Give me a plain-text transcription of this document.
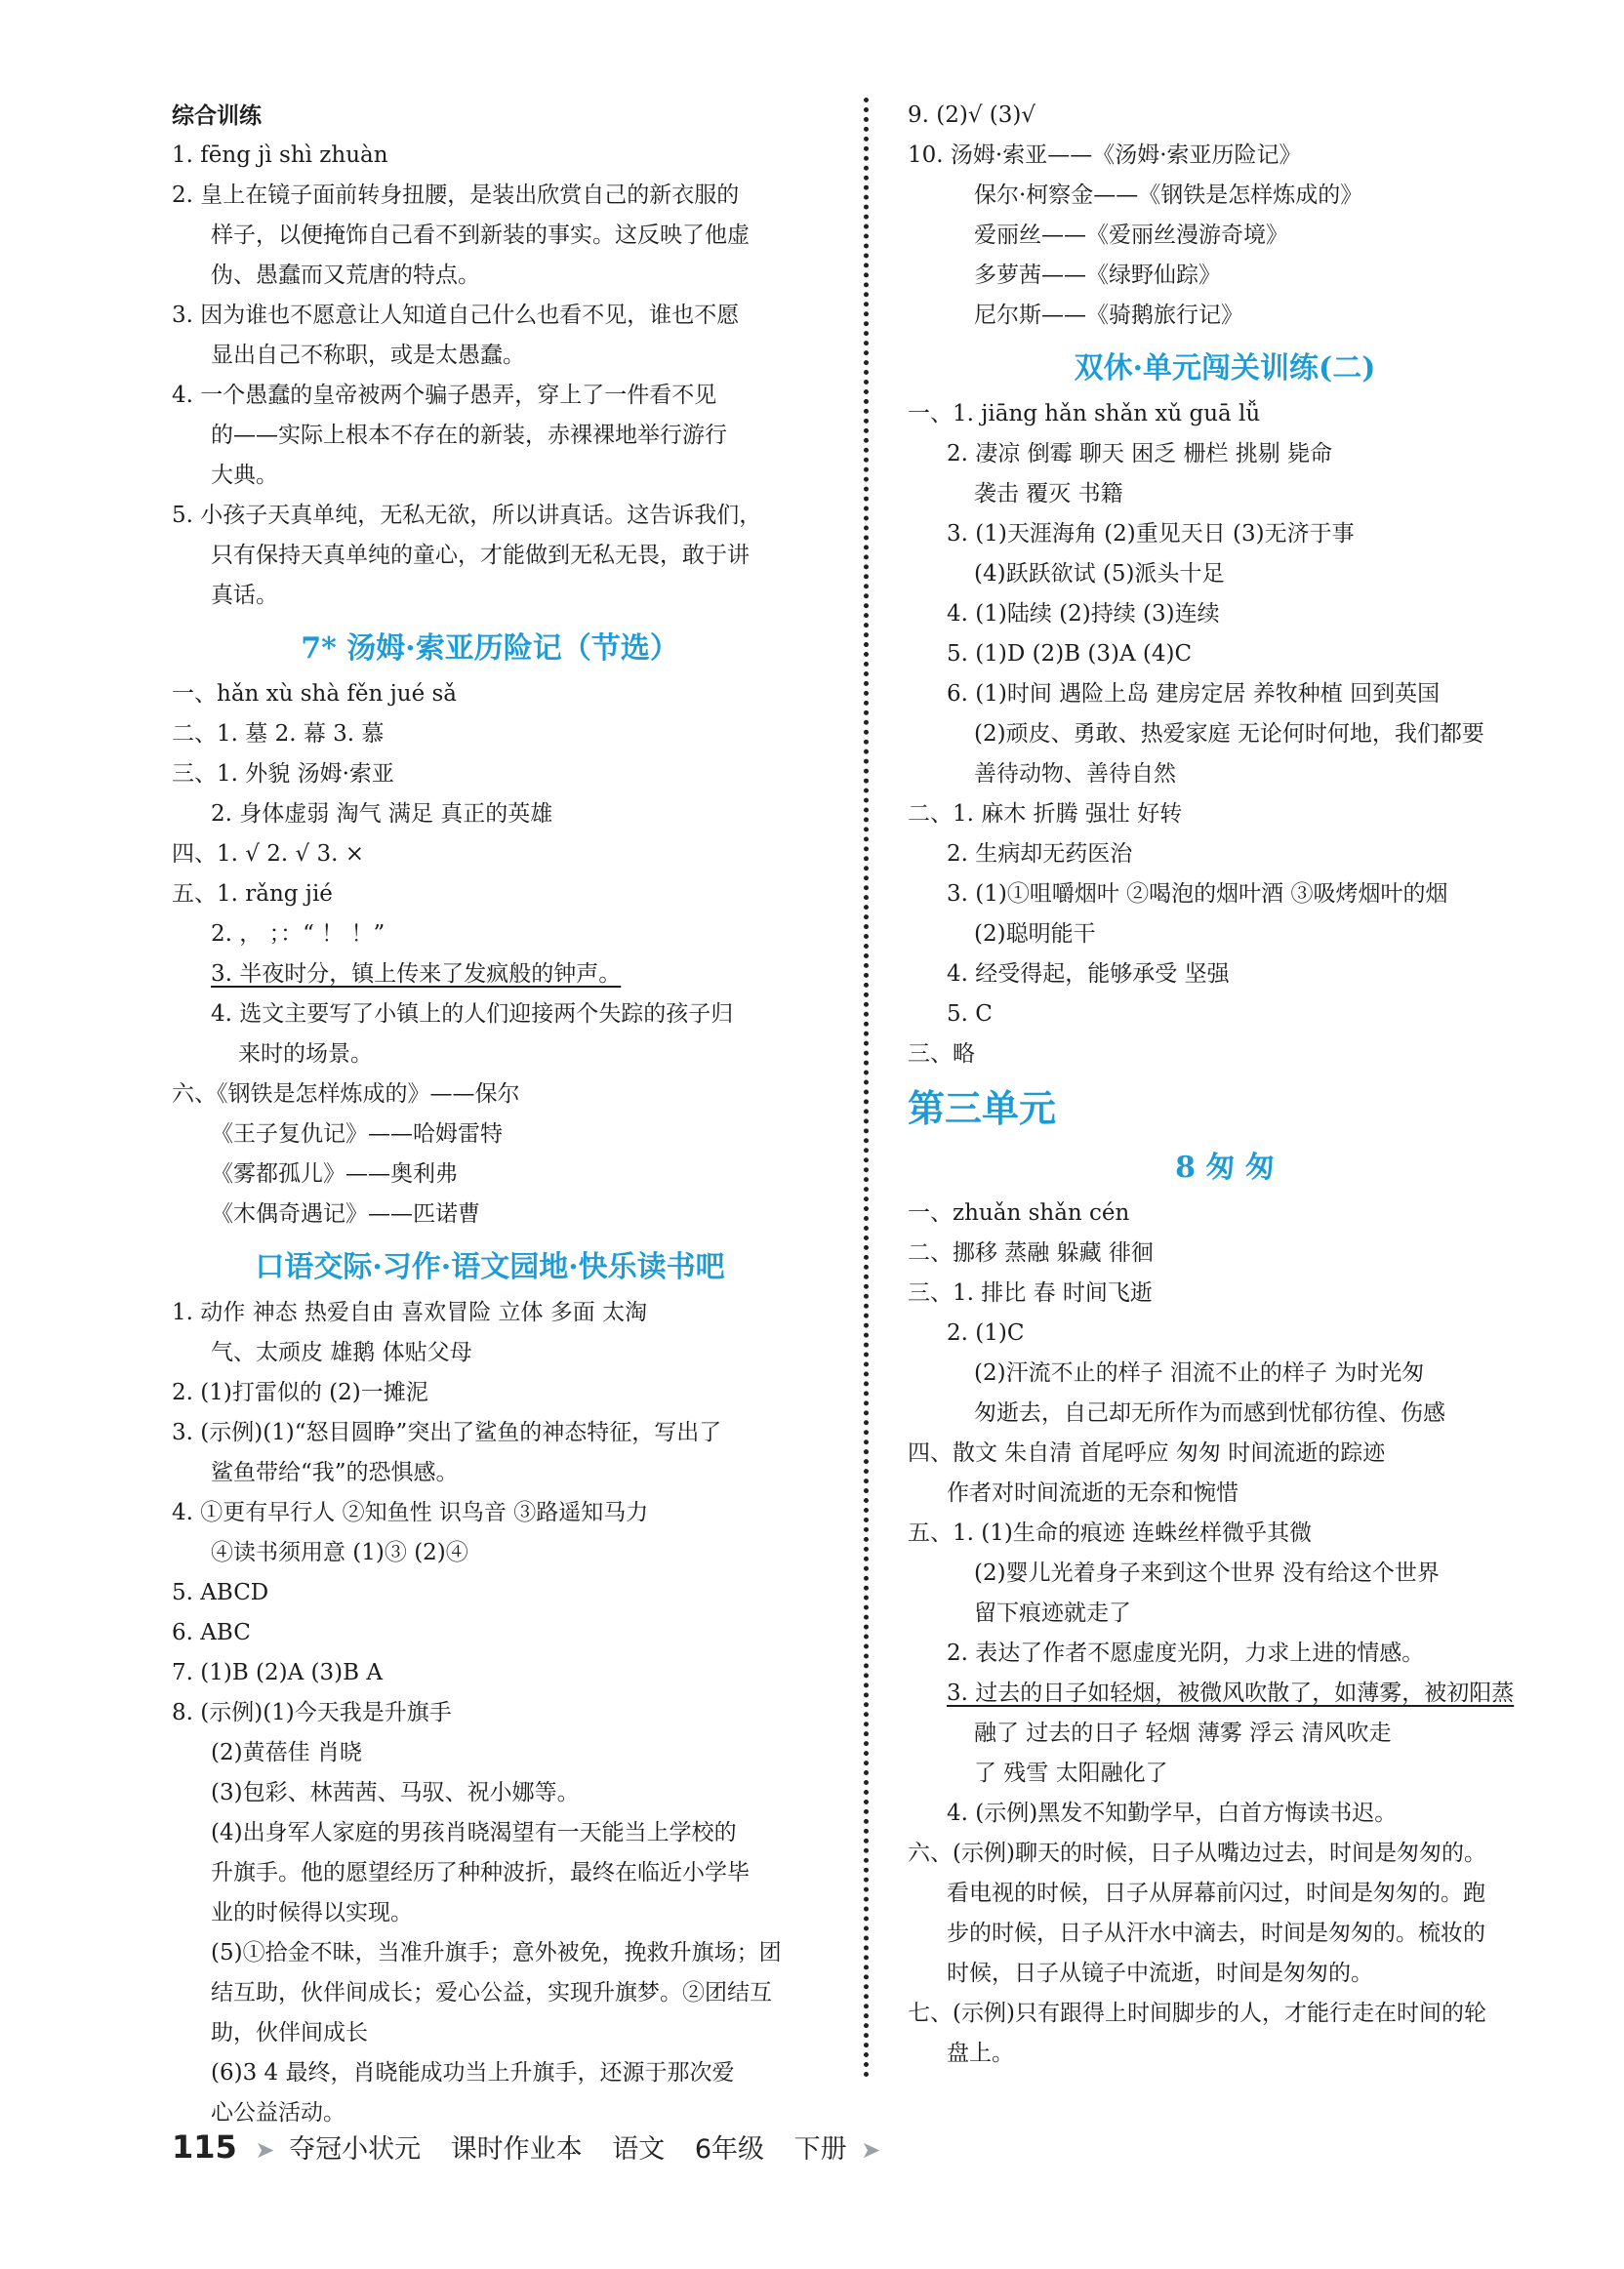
综合训练
1. fēng jì shì zhuàn
2. 皇上在镜子面前转身扭腰，是装出欣赏自己的新衣服的
样子，以便掩饰自己看不到新装的事实。这反映了他虚
伪、愚蠢而又荒唐的特点。
3. 因为谁也不愿意让人知道自己什么也看不见，谁也不愿
显出自己不称职，或是太愚蠢。
4. 一个愚蠢的皇帝被两个骗子愚弄，穿上了一件看不见
的——实际上根本不存在的新装，赤裸裸地举行游行
大典。
5. 小孩子天真单纯，无私无欲，所以讲真话。这告诉我们，
只有保持天真单纯的童心，才能做到无私无畏，敢于讲
真话。
7* 汤姆·索亚历险记（节选）
一、hǎn xù shà fěn jué sǎ
二、1. 墓 2. 幕 3. 慕
三、1. 外貌 汤姆·索亚
2. 身体虚弱 淘气 满足 真正的英雄
四、1. √ 2. √ 3. ×
五、1. rǎng jié
2. ， ；：“ ！ ！”
3. 半夜时分，镇上传来了发疯般的钟声。
4. 选文主要写了小镇上的人们迎接两个失踪的孩子归
来时的场景。
六、《钢铁是怎样炼成的》——保尔
《王子复仇记》——哈姆雷特
《雾都孤儿》——奥利弗
《木偶奇遇记》——匹诺曹
口语交际·习作·语文园地·快乐读书吧
1. 动作 神态 热爱自由 喜欢冒险 立体 多面 太淘
气、太顽皮 雄鹅 体贴父母
2. (1)打雷似的 (2)一摊泥
3. (示例)(1)“怒目圆睁”突出了鲨鱼的神态特征，写出了
鲨鱼带给“我”的恐惧感。
4. ①更有早行人 ②知鱼性 识鸟音 ③路遥知马力
④读书须用意 (1)③ (2)④
5. ABCD
6. ABC
7. (1)B (2)A (3)B A
8. (示例)(1)今天我是升旗手
(2)黄蓓佳 肖晓
(3)包彩、林茜茜、马驭、祝小娜等。
(4)出身军人家庭的男孩肖晓渴望有一天能当上学校的
升旗手。他的愿望经历了种种波折，最终在临近小学毕
业的时候得以实现。
(5)①拾金不昧，当准升旗手；意外被免，挽救升旗场；团
结互助，伙伴间成长；爱心公益，实现升旗梦。②团结互
助，伙伴间成长
(6)3 4 最终，肖晓能成功当上升旗手，还源于那次爱
心公益活动。
9. (2)√ (3)√
10. 汤姆·索亚——《汤姆·索亚历险记》
保尔·柯察金——《钢铁是怎样炼成的》
爱丽丝——《爱丽丝漫游奇境》
多萝茜——《绿野仙踪》
尼尔斯——《骑鹅旅行记》
双休·单元闯关训练(二)
一、1. jiāng hǎn shǎn xǔ guā lǚ
2. 凄凉 倒霉 聊天 困乏 栅栏 挑剔 毙命
袭击 覆灭 书籍
3. (1)天涯海角 (2)重见天日 (3)无济于事
(4)跃跃欲试 (5)派头十足
4. (1)陆续 (2)持续 (3)连续
5. (1)D (2)B (3)A (4)C
6. (1)时间 遇险上岛 建房定居 养牧种植 回到英国
(2)顽皮、勇敢、热爱家庭 无论何时何地，我们都要
善待动物、善待自然
二、1. 麻木 折腾 强壮 好转
2. 生病却无药医治
3. (1)①咀嚼烟叶 ②喝泡的烟叶酒 ③吸烤烟叶的烟
(2)聪明能干
4. 经受得起，能够承受 坚强
5. C
三、略
第三单元
8 匆 匆
一、zhuǎn shǎn cén
二、挪移 蒸融 躲藏 徘徊
三、1. 排比 春 时间飞逝
2. (1)C
(2)汗流不止的样子 泪流不止的样子 为时光匆
匆逝去，自己却无所作为而感到忧郁彷徨、伤感
四、散文 朱自清 首尾呼应 匆匆 时间流逝的踪迹
作者对时间流逝的无奈和惋惜
五、1. (1)生命的痕迹 连蛛丝样微乎其微
(2)婴儿光着身子来到这个世界 没有给这个世界
留下痕迹就走了
2. 表达了作者不愿虚度光阴，力求上进的情感。
3. 过去的日子如轻烟，被微风吹散了，如薄雾，被初阳蒸
融了 过去的日子 轻烟 薄雾 浮云 清风吹走
了 残雪 太阳融化了
4. (示例)黑发不知勤学早，白首方悔读书迟。
六、(示例)聊天的时候，日子从嘴边过去，时间是匆匆的。
看电视的时候，日子从屏幕前闪过，时间是匆匆的。跑
步的时候，日子从汗水中滴去，时间是匆匆的。梳妆的
时候，日子从镜子中流逝，时间是匆匆的。
七、(示例)只有跟得上时间脚步的人，才能行走在时间的轮
盘上。
115 ➤ 夺冠小状元 课时作业本 语文 6年级 下册 ➤
